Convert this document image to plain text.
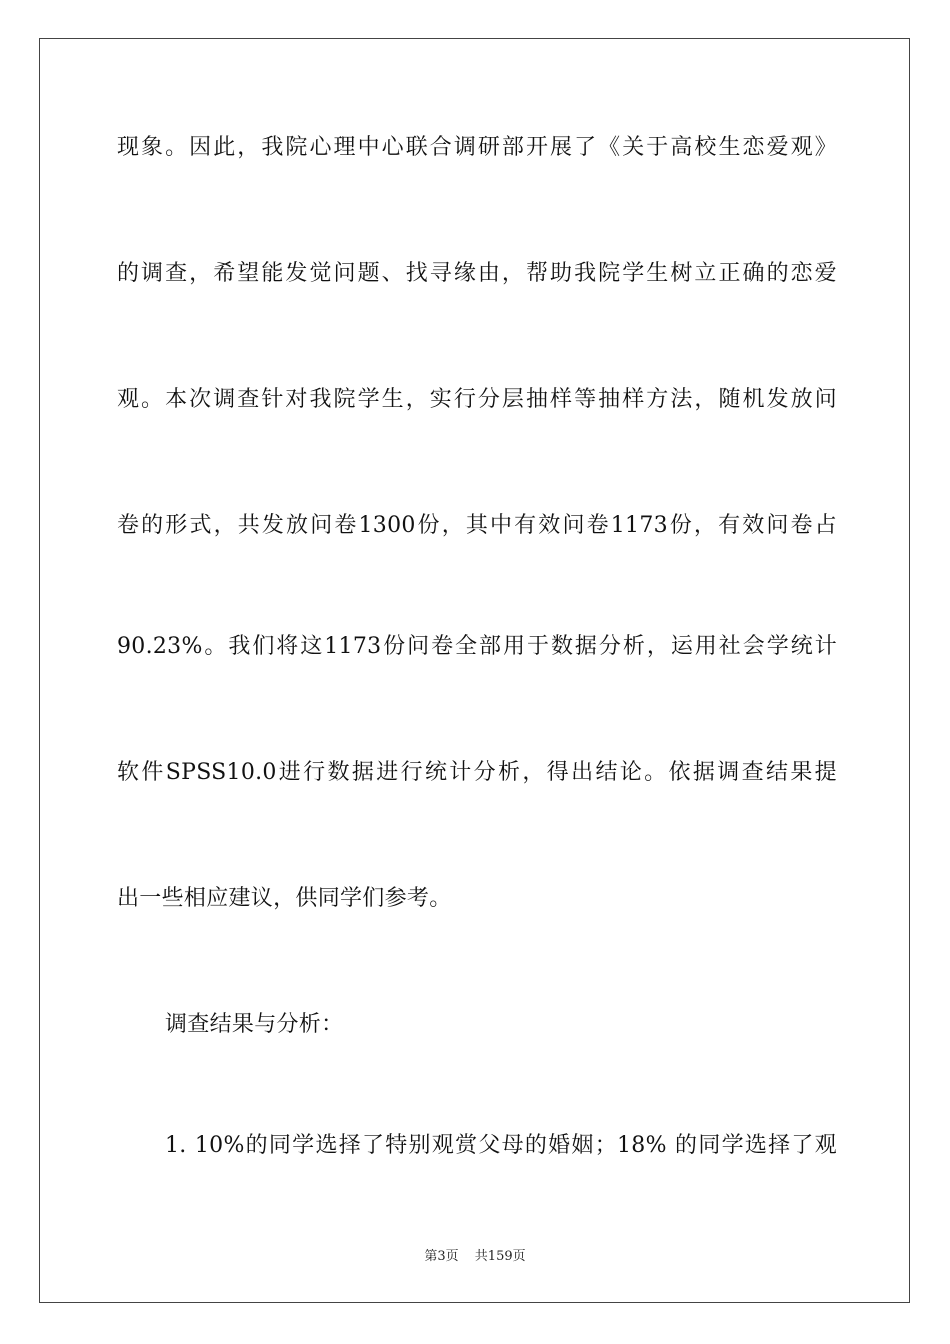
现象。因此，我院心理中心联合调研部开展了《关于高校生恋爱观》
的调查，希望能发觉问题、找寻缘由，帮助我院学生树立正确的恋爱
观。本次调查针对我院学生，实行分层抽样等抽样方法，随机发放问
卷的形式，共发放问卷1300份，其中有效问卷1173份，有效问卷占
90.23%。我们将这1173份问卷全部用于数据分析，运用社会学统计
软件SPSS10.0进行数据进行统计分析，得出结论。依据调查结果提
出一些相应建议，供同学们参考。
调查结果与分析：
1. 10%的同学选择了特别观赏父母的婚姻；18% 的同学选择了观
第3页 共159页
